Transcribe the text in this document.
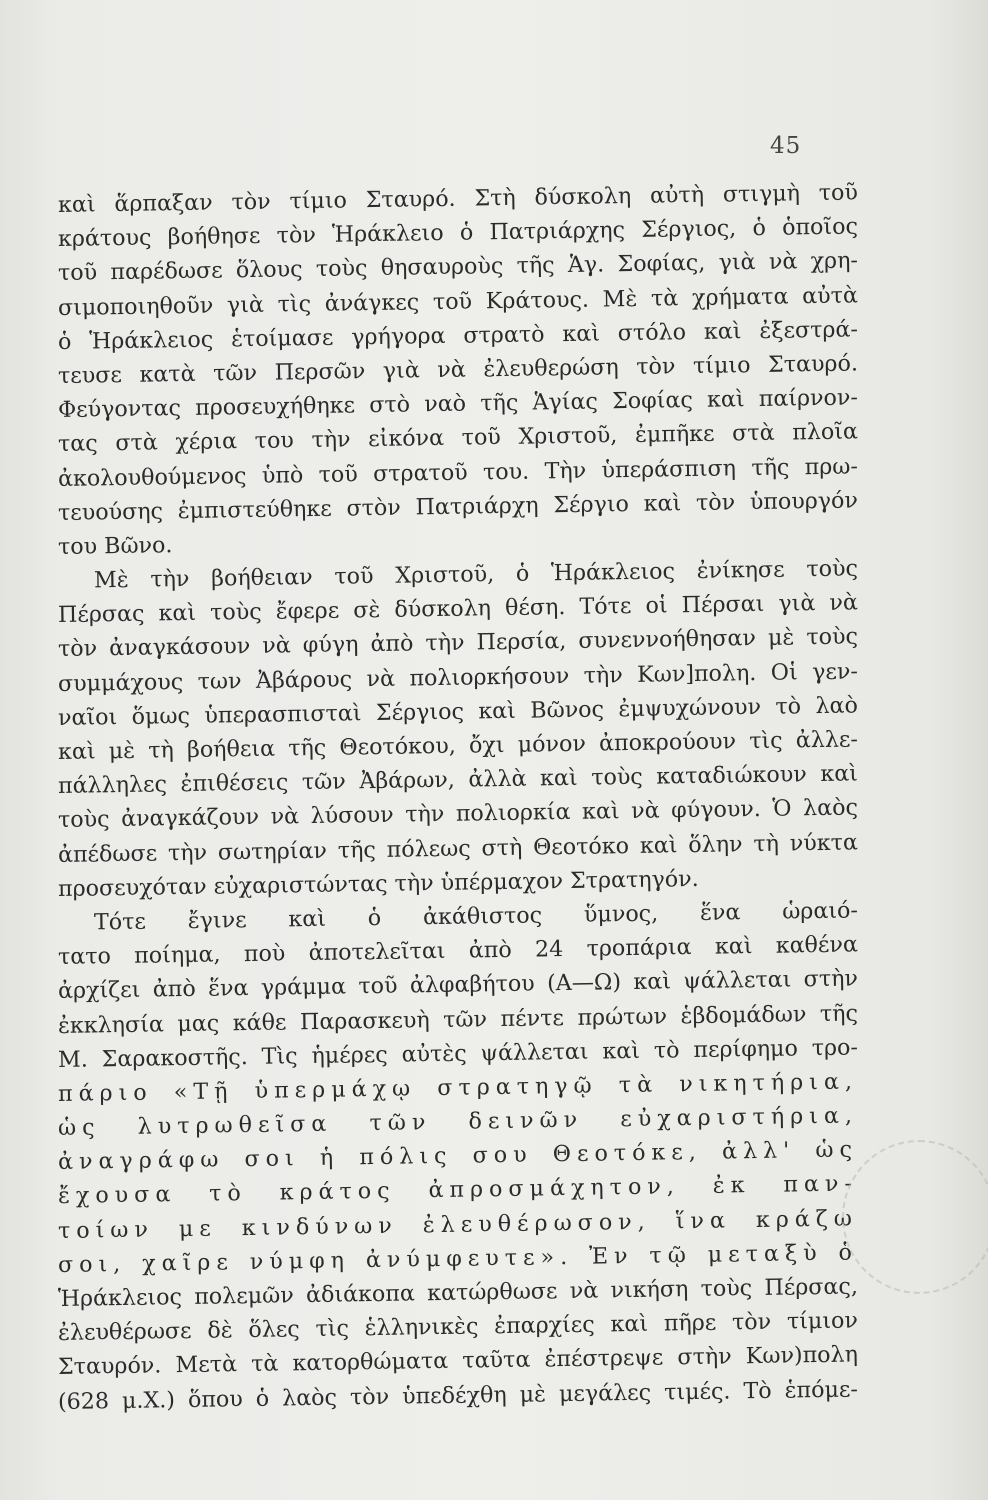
45
καὶ ἅρπαξαν τὸν τίμιο Σταυρό. Στὴ δύσκολη αὐτὴ στιγμὴ τοῦ
κράτους βοήθησε τὸν Ἡράκλειο ὁ Πατριάρχης Σέργιος, ὁ ὁποῖος
τοῦ παρέδωσε ὅλους τοὺς θησαυροὺς τῆς Ἁγ. Σοφίας, γιὰ νὰ χρη-
σιμοποιηθοῦν γιὰ τὶς ἀνάγκες τοῦ Κράτους. Μὲ τὰ χρήματα αὐτὰ
ὁ Ἡράκλειος ἑτοίμασε γρήγορα στρατὸ καὶ στόλο καὶ ἐξεστρά-
τευσε κατὰ τῶν Περσῶν γιὰ νὰ ἐλευθερώση τὸν τίμιο Σταυρό.
Φεύγοντας προσευχήθηκε στὸ ναὸ τῆς Ἁγίας Σοφίας καὶ παίρνον-
τας στὰ χέρια του τὴν εἰκόνα τοῦ Χριστοῦ, ἐμπῆκε στὰ πλοῖα
ἀκολουθούμενος ὑπὸ τοῦ στρατοῦ του. Τὴν ὑπεράσπιση τῆς πρω-
τευούσης ἐμπιστεύθηκε στὸν Πατριάρχη Σέργιο καὶ τὸν ὑπουργόν
του Βῶνο.
Μὲ τὴν βοήθειαν τοῦ Χριστοῦ, ὁ Ἡράκλειος ἐνίκησε τοὺς
Πέρσας καὶ τοὺς ἔφερε σὲ δύσκολη θέση. Τότε οἱ Πέρσαι γιὰ νὰ
τὸν ἀναγκάσουν νὰ φύγη ἀπὸ τὴν Περσία, συνεννοήθησαν μὲ τοὺς
συμμάχους των Ἀβάρους νὰ πολιορκήσουν τὴν Κων]πολη. Οἱ γεν-
ναῖοι ὅμως ὑπερασπισταὶ Σέργιος καὶ Βῶνος ἐμψυχώνουν τὸ λαὸ
καὶ μὲ τὴ βοήθεια τῆς Θεοτόκου, ὄχι μόνον ἀποκρούουν τὶς ἀλλε-
πάλληλες ἐπιθέσεις τῶν Ἀβάρων, ἀλλὰ καὶ τοὺς καταδιώκουν καὶ
τοὺς ἀναγκάζουν νὰ λύσουν τὴν πολιορκία καὶ νὰ φύγουν. Ὁ λαὸς
ἀπέδωσε τὴν σωτηρίαν τῆς πόλεως στὴ Θεοτόκο καὶ ὅλην τὴ νύκτα
προσευχόταν εὐχαριστώντας τὴν ὑπέρμαχον Στρατηγόν.
Τότε ἔγινε καὶ ὁ ἀκάθιστος ὕμνος, ἕνα ὡραιό-
τατο ποίημα, ποὺ ἀποτελεῖται ἀπὸ 24 τροπάρια καὶ καθένα
ἀρχίζει ἀπὸ ἕνα γράμμα τοῦ ἀλφαβήτου (Α—Ω) καὶ ψάλλεται στὴν
ἐκκλησία μας κάθε Παρασκευὴ τῶν πέντε πρώτων ἑβδομάδων τῆς
Μ. Σαρακοστῆς. Τὶς ἡμέρες αὐτὲς ψάλλεται καὶ τὸ περίφημο τρο-
πάριο «Τῇ ὑπερμάχῳ στρατηγῷ τὰ νικητήρια,
ὡς λυτρωθεῖσα τῶν δεινῶν εὐχαριστήρια,
ἀναγράφω σοι ἡ πόλις σου Θεοτόκε, ἀλλ' ὡς
ἔχουσα τὸ κράτος ἀπροσμάχητον, ἐκ παν-
τοίων με κινδύνων ἐλευθέρωσον, ἵνα κράζω
σοι, χαῖρε νύμφη ἀνύμφευτε». Ἐν τῷ μεταξὺ ὁ
Ἡράκλειος πολεμῶν ἀδιάκοπα κατώρθωσε νὰ νικήση τοὺς Πέρσας,
ἐλευθέρωσε δὲ ὅλες τὶς ἑλληνικὲς ἐπαρχίες καὶ πῆρε τὸν τίμιον
Σταυρόν. Μετὰ τὰ κατορθώματα ταῦτα ἐπέστρεψε στὴν Κων)πολη
(628 μ.Χ.) ὅπου ὁ λαὸς τὸν ὑπεδέχθη μὲ μεγάλες τιμές. Τὸ ἑπόμε-
